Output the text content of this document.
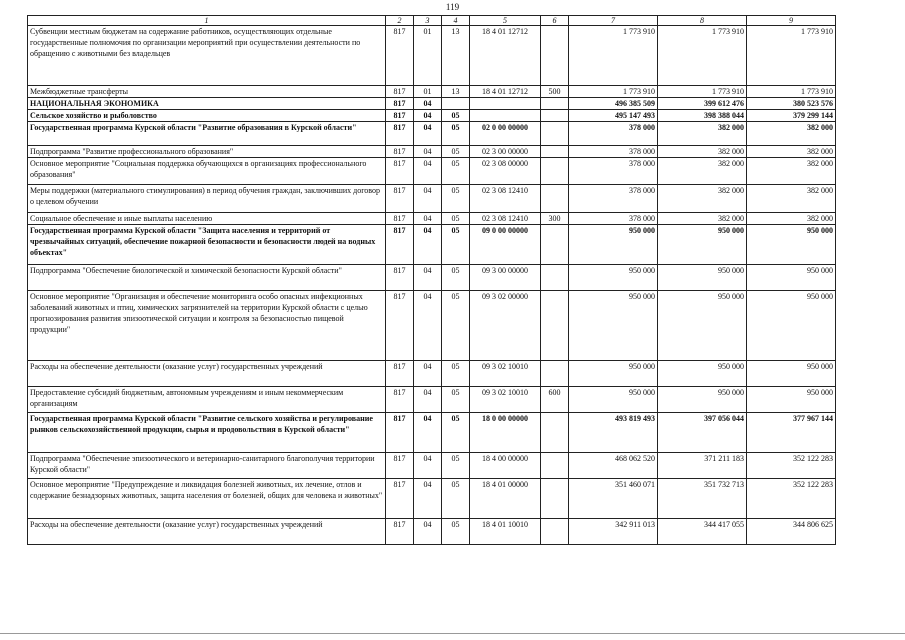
119
1	2	3	4	5	6	7	8	9
Субвенции местным бюджетам на содержание работников, осуществляющих отдельные государственные полномочия по организации мероприятий при осуществлении деятельности по обращению с животными без владельцев	817	01	13	18 4 01 12712		1 773 910	1 773 910	1 773 910
Межбюджетные трансферты	817	01	13	18 4 01 12712	500	1 773 910	1 773 910	1 773 910
НАЦИОНАЛЬНАЯ ЭКОНОМИКА	817	04				496 385 509	399 612 476	380 523 576
Сельское хозяйство и рыболовство	817	04	05			495 147 493	398 388 044	379 299 144
Государственная программа Курской области "Развитие образования в Курской области"	817	04	05	02 0 00 00000		378 000	382 000	382 000
Подпрограмма "Развитие профессионального образования"	817	04	05	02 3 00 00000		378 000	382 000	382 000
Основное мероприятие "Социальная поддержка обучающихся в организациях профессионального образования"	817	04	05	02 3 08 00000		378 000	382 000	382 000
Меры поддержки (материального стимулирования) в период обучения граждан, заключивших договор о целевом обучении	817	04	05	02 3 08 12410		378 000	382 000	382 000
Социальное обеспечение и иные выплаты населению	817	04	05	02 3 08 12410	300	378 000	382 000	382 000
Государственная программа Курской области "Защита населения и территорий от чрезвычайных ситуаций, обеспечение пожарной безопасности и безопасности людей на водных объектах"	817	04	05	09 0 00 00000		950 000	950 000	950 000
Подпрограмма "Обеспечение биологической и химической безопасности Курской области"	817	04	05	09 3 00 00000		950 000	950 000	950 000
Основное мероприятие "Организация и обеспечение мониторинга особо опасных инфекционных заболеваний животных и птиц, химических загрязнителей на территории Курской области с целью прогнозирования развития эпизоотической ситуации и контроля за безопасностью пищевой продукции"	817	04	05	09 3 02 00000		950 000	950 000	950 000
Расходы на обеспечение деятельности (оказание услуг) государственных учреждений	817	04	05	09 3 02 10010		950 000	950 000	950 000
Предоставление субсидий бюджетным, автономным учреждениям и иным некоммерческим организациям	817	04	05	09 3 02 10010	600	950 000	950 000	950 000
Государственная программа Курской области "Развитие сельского хозяйства и регулирование рынков сельскохозяйственной продукции, сырья и продовольствия в Курской области"	817	04	05	18 0 00 00000		493 819 493	397 056 044	377 967 144
Подпрограмма "Обеспечение эпизоотического и ветеринарно-санитарного благополучия территории Курской области"	817	04	05	18 4 00 00000		468 062 520	371 211 183	352 122 283
Основное мероприятие "Предупреждение и ликвидация болезней животных, их лечение, отлов и содержание безнадзорных животных, защита населения от болезней, общих для человека и животных"	817	04	05	18 4 01 00000		351 460 071	351 732 713	352 122 283
Расходы на обеспечение деятельности (оказание услуг) государственных учреждений	817	04	05	18 4 01 10010		342 911 013	344 417 055	344 806 625
